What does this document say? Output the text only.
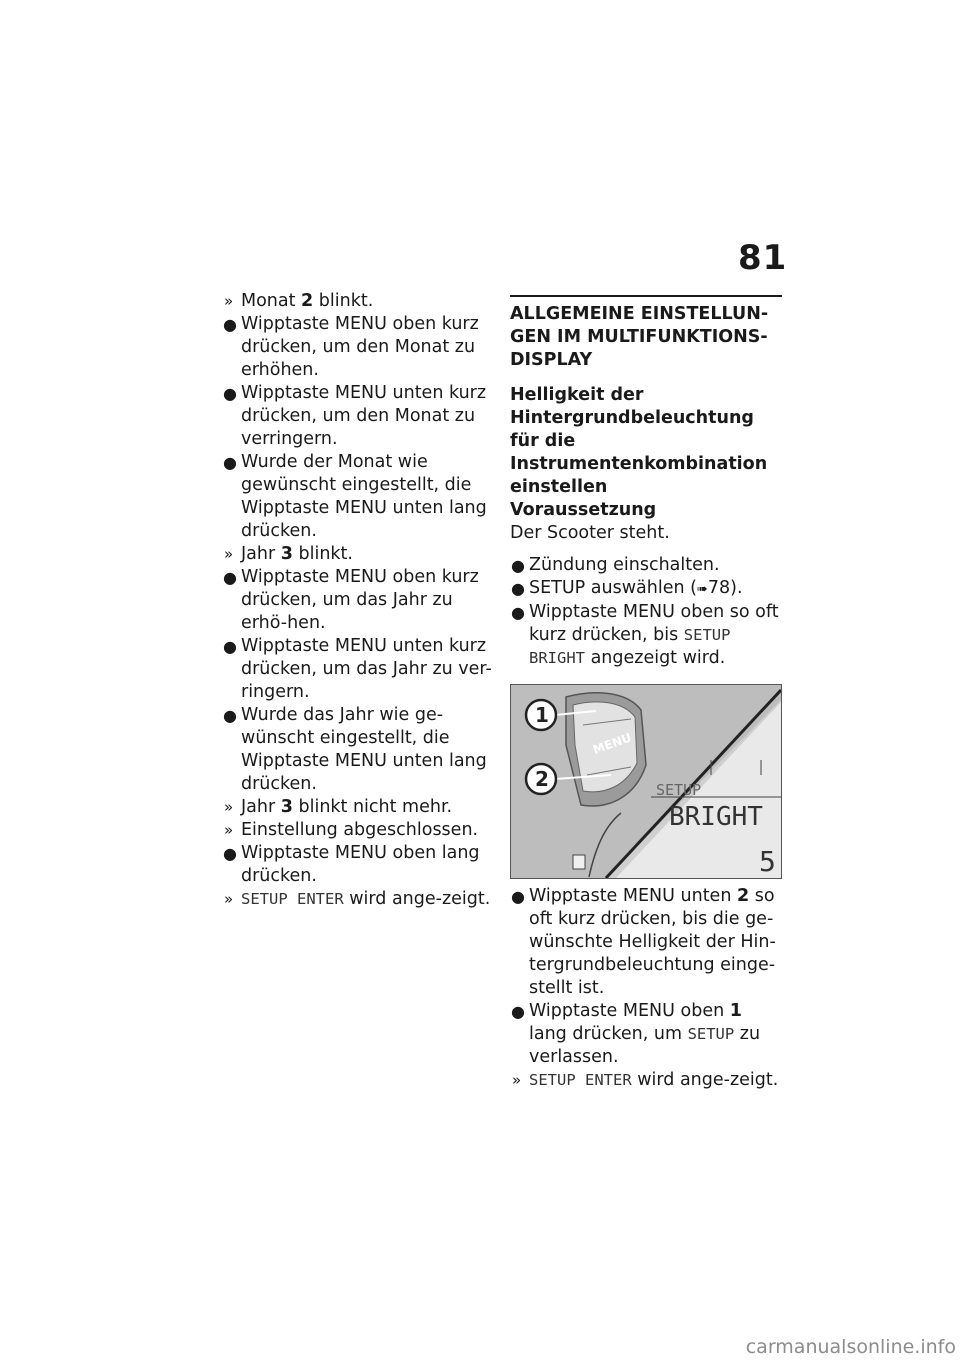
81
» Monat 2 blinkt.
● Wipptaste MENU oben kurz drücken, um den Monat zu erhöhen.
● Wipptaste MENU unten kurz drücken, um den Monat zu verringern.
● Wurde der Monat wie gewünscht eingestellt, die Wipptaste MENU unten lang drücken.
» Jahr 3 blinkt.
● Wipptaste MENU oben kurz drücken, um das Jahr zu erhö-hen.
● Wipptaste MENU unten kurz drücken, um das Jahr zu ver-ringern.
● Wurde das Jahr wie ge-wünscht eingestellt, die Wipptaste MENU unten lang drücken.
» Jahr 3 blinkt nicht mehr.
» Einstellung abgeschlossen.
● Wipptaste MENU oben lang drücken.
» SETUP ENTER wird ange-zeigt.
ALLGEMEINE EINSTELLUN-GEN IM MULTIFUNKTIONS-DISPLAY
Helligkeit der Hintergrundbeleuchtung für die Instrumentenkombination einstellen
Voraussetzung
Der Scooter steht.
● Zündung einschalten.
● SETUP auswählen (➠78).
● Wipptaste MENU oben so oft kurz drücken, bis SETUP BRIGHT angezeigt wird.
MENU
SETUP
BRIGHT
5
1
2
● Wipptaste MENU unten 2 so oft kurz drücken, bis die ge-wünschte Helligkeit der Hin-tergrundbeleuchtung einge-stellt ist.
● Wipptaste MENU oben 1 lang drücken, um SETUP zu verlassen.
» SETUP ENTER wird ange-zeigt.
carmanualsonline.info
